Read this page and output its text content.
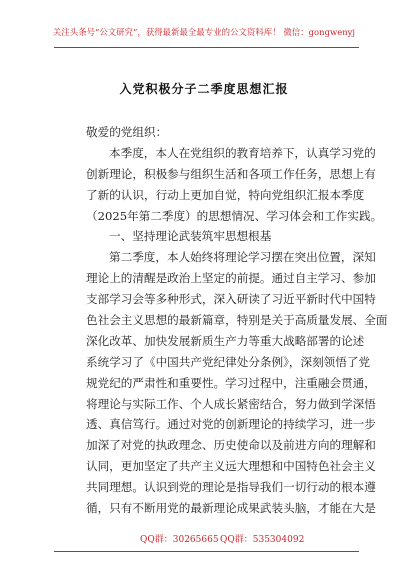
关注头条号“公文研究”，获得最新最全最专业的公文资料库！ 微信：gongwenyj
入党积极分子二季度思想汇报
敬爱的党组织：
本季度，本人在党组织的教育培养下，认真学习党的
创新理论，积极参与组织生活和各项工作任务，思想上有
了新的认识，行动上更加自觉，特向党组织汇报本季度
（2025年第二季度）的思想情况、学习体会和工作实践。
一、坚持理论武装筑牢思想根基
第二季度，本人始终将理论学习摆在突出位置，深知
理论上的清醒是政治上坚定的前提。通过自主学习、参加
支部学习会等多种形式，深入研读了习近平新时代中国特
色社会主义思想的最新篇章，特别是关于高质量发展、全面
深化改革、加快发展新质生产力等重大战略部署的论述
系统学习了《中国共产党纪律处分条例》，深刻领悟了党
规党纪的严肃性和重要性。学习过程中，注重融会贯通，
将理论与实际工作、个人成长紧密结合，努力做到学深悟
透、真信笃行。通过对党的创新理论的持续学习，进一步
加深了对党的执政理念、历史使命以及前进方向的理解和
认同，更加坚定了共产主义远大理想和中国特色社会主义
共同理想。认识到党的理论是指导我们一切行动的根本遵
循，只有不断用党的最新理论成果武装头脑，才能在大是
QQ群：30265665 QQ群：535304092
